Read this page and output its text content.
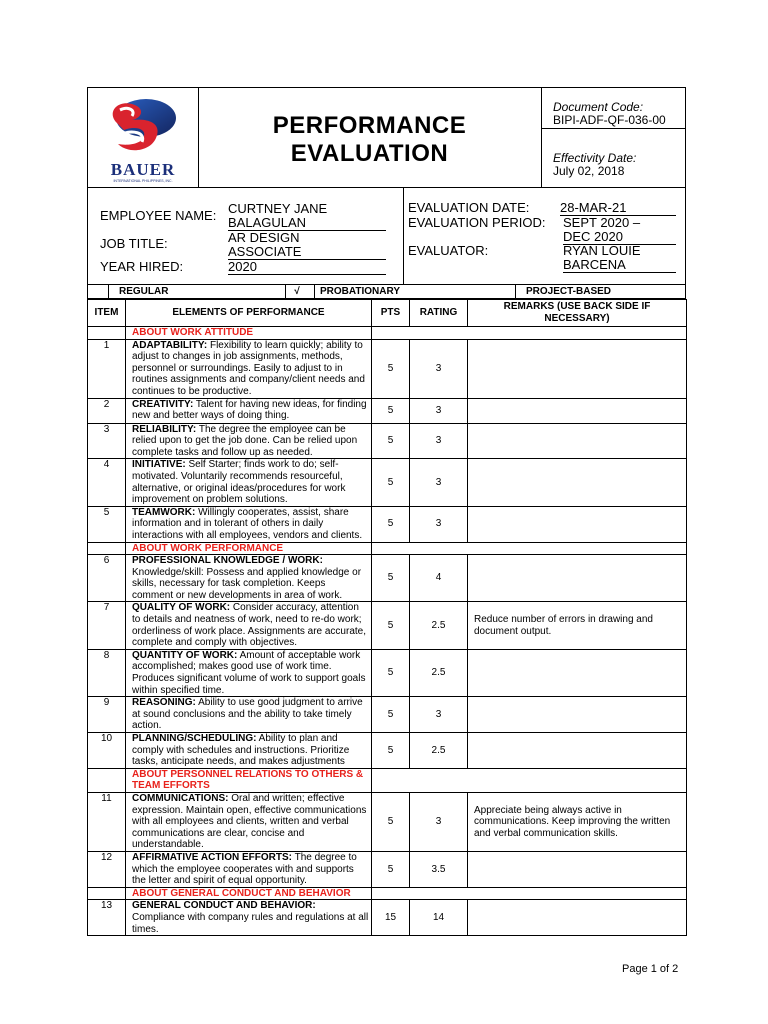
BAUER
INTERNATIONAL PHILIPPINES, INC.
PERFORMANCE
EVALUATION
Document Code:
BIPI-ADF-QF-036-00
Effectivity Date:
July 02, 2018
EMPLOYEE NAME: CURTNEY JANE
BALAGULAN
JOB TITLE:	AR DESIGN
ASSOCIATE
YEAR HIRED:	2020
EVALUATION DATE: 28-MAR-21
EVALUATION PERIOD: SEPT 2020 –
DEC 2020
EVALUATOR:	RYAN LOUIE
BARCENA
REGULAR	√	PROBATIONARY	PROJECT-BASED
ITEM	ELEMENTS OF PERFORMANCE	PTS	RATING	REMARKS (USE BACK SIDE IF NECESSARY)
	ABOUT WORK ATTITUDE			
1	ADAPTABILITY: Flexibility to learn quickly; ability to adjust to changes in job assignments, methods, personnel or surroundings. Easily to adjust to in routines assignments and company/client needs and continues to be productive.	5	3	
2	CREATIVITY: Talent for having new ideas, for finding new and better ways of doing thing.	5	3	
3	RELIABILITY: The degree the employee can be relied upon to get the job done. Can be relied upon complete tasks and follow up as needed.	5	3	
4	INITIATIVE: Self Starter; finds work to do; self-motivated. Voluntarily recommends resourceful, alternative, or original ideas/procedures for work improvement on problem solutions.	5	3	
5	TEAMWORK: Willingly cooperates, assist, share information and in tolerant of others in daily interactions with all employees, vendors and clients.	5	3	
	ABOUT WORK PERFORMANCE			
6	PROFESSIONAL KNOWLEDGE / WORK: Knowledge/skill: Possess and applied knowledge or skills, necessary for task completion. Keeps comment or new developments in area of work.	5	4	
7	QUALITY OF WORK: Consider accuracy, attention to details and neatness of work, need to re-do work; orderliness of work place. Assignments are accurate, complete and comply with objectives.	5	2.5	Reduce number of errors in drawing and document output.
8	QUANTITY OF WORK: Amount of acceptable work accomplished; makes good use of work time. Produces significant volume of work to support goals within specified time.	5	2.5	
9	REASONING: Ability to use good judgment to arrive at sound conclusions and the ability to take timely action.	5	3	
10	PLANNING/SCHEDULING: Ability to plan and comply with schedules and instructions. Prioritize tasks, anticipate needs, and makes adjustments	5	2.5	
	ABOUT PERSONNEL RELATIONS TO OTHERS & TEAM EFFORTS			
11	COMMUNICATIONS: Oral and written; effective expression. Maintain open, effective communications with all employees and clients, written and verbal communications are clear, concise and understandable.	5	3	Appreciate being always active in communications. Keep improving the written and verbal communication skills.
12	AFFIRMATIVE ACTION EFFORTS: The degree to which the employee cooperates with and supports the letter and spirit of equal opportunity.	5	3.5	
	ABOUT GENERAL CONDUCT AND BEHAVIOR			
13	GENERAL CONDUCT AND BEHAVIOR: Compliance with company rules and regulations at all times.	15	14	
Page 1 of 2
